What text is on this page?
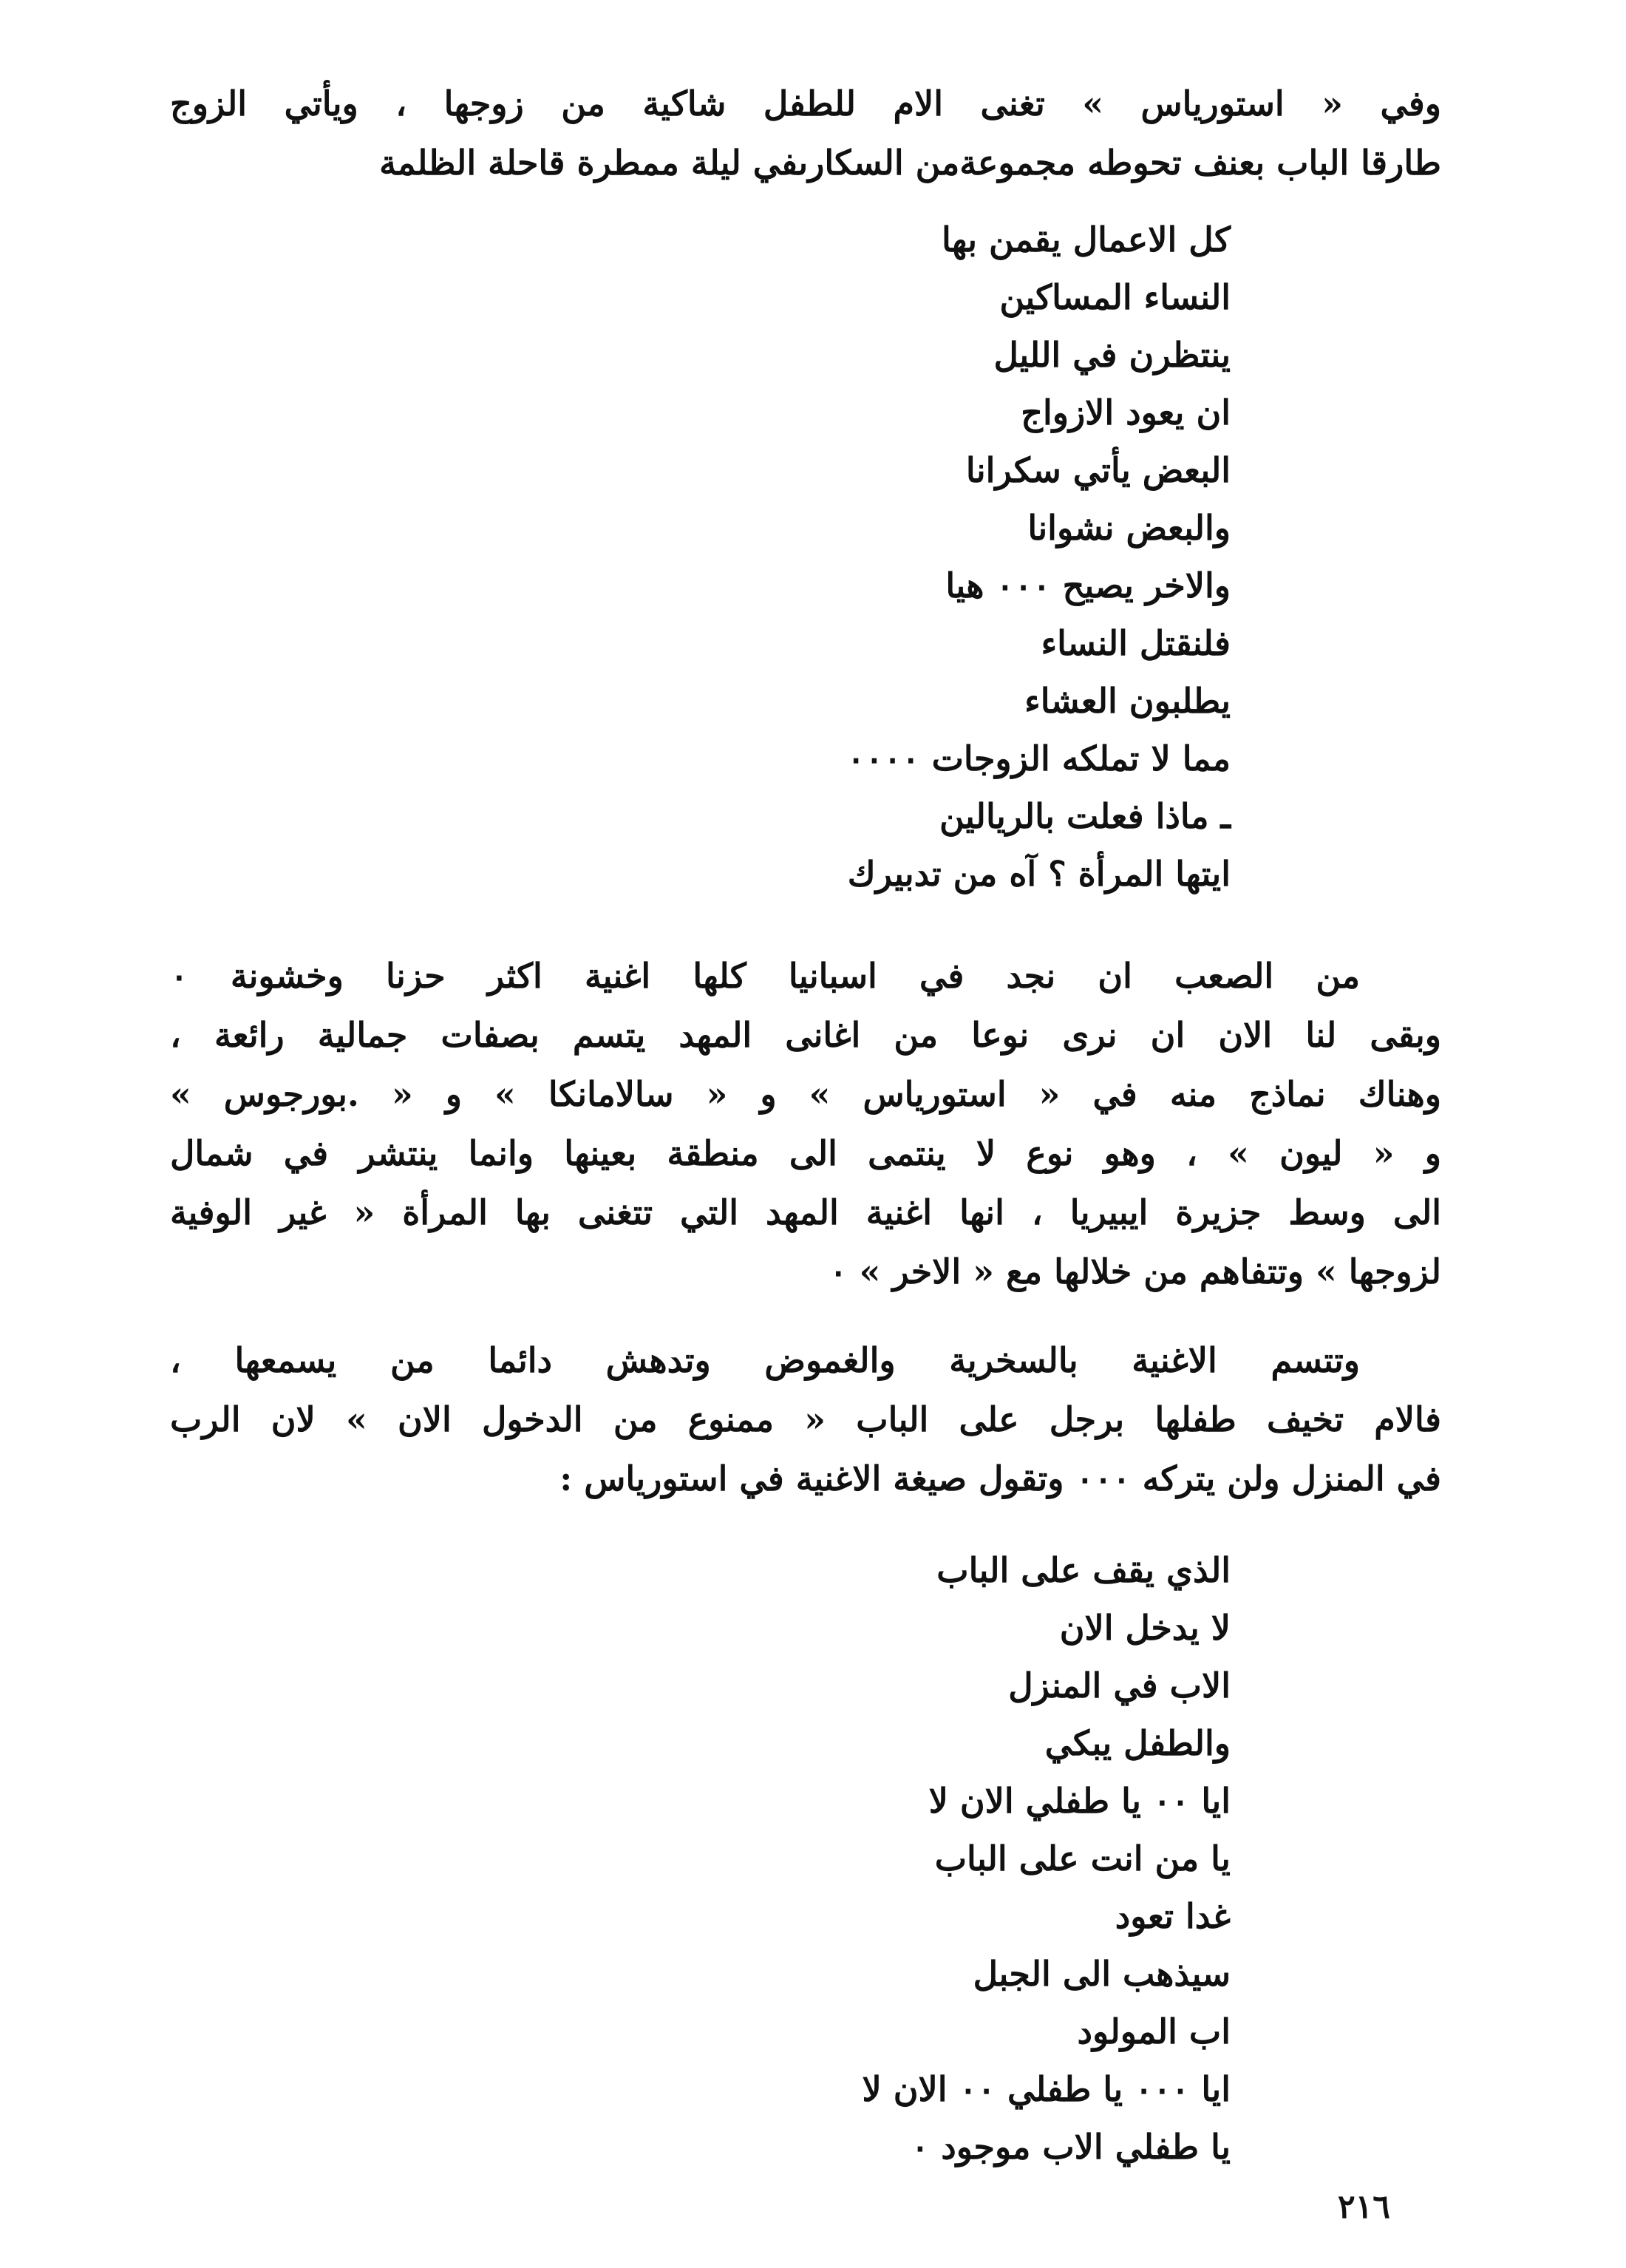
وفي « استورياس » تغنى الام للطفل شاكية من زوجها ، ويأتي الزوج
طارقا الباب بعنف تحوطه مجموعةمن السكارىفي ليلة ممطرة قاحلة الظلمة

كل الاعمال يقمن بها
النساء المساكين
ينتظرن في الليل
ان يعود الازواج
البعض يأتي سكرانا
والبعض نشوانا
والاخر يصيح ٠٠٠ هيا
فلنقتل النساء
يطلبون العشاء
مما لا تملكه الزوجات ٠٠٠٠
ـ ماذا فعلت بالريالين
ايتها المرأة ؟ آه من تدبيرك

من الصعب ان نجد في اسبانيا كلها اغنية اكثر حزنا وخشونة ٠
وبقى لنا الان ان نرى نوعا من اغانى المهد يتسم بصفات جمالية رائعة ،
وهناك نماذج منه في « استورياس » و « سالامانكا » و « .بورجوس »
و « ليون » ، وهو نوع لا ينتمى الى منطقة بعينها وانما ينتشر في شمال
الى وسط جزيرة ايبيريا ، انها اغنية المهد التي تتغنى بها المرأة « غير الوفية
لزوجها » وتتفاهم من خلالها مع « الاخر » ٠

وتتسم الاغنية بالسخرية والغموض وتدهش دائما من يسمعها ،
فالام تخيف طفلها برجل على الباب « ممنوع من الدخول الان » لان الرب
في المنزل ولن يتركه ٠٠٠ وتقول صيغة الاغنية في استورياس :

الذي يقف على الباب
لا يدخل الان
الاب في المنزل
والطفل يبكي
ايا ٠٠ يا طفلي الان لا
يا من انت على الباب
غدا تعود
سيذهب الى الجبل
اب المولود
ايا ٠٠٠ يا طفلي ٠٠ الان لا
يا طفلي الاب موجود ٠
٢١٦
